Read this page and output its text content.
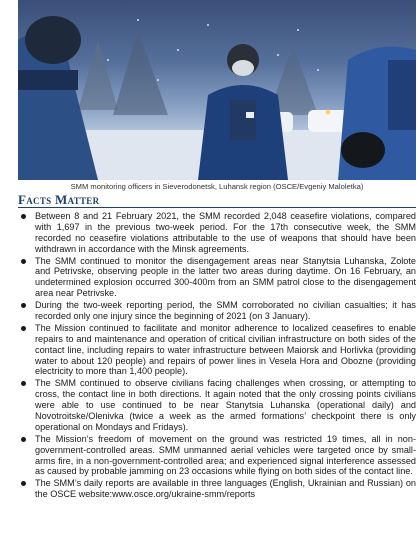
SMM monitoring officers in Sieverodonetsk, Luhansk region (OSCE/Evgeniy Maloletka)
Facts Matter
Between 8 and 21 February 2021, the SMM recorded 2,048 ceasefire violations, compared with 1,697 in the previous two-week period. For the 17th consecutive week, the SMM recorded no ceasefire violations attributable to the use of weapons that should have been withdrawn in accordance with the Minsk agreements.
The SMM continued to monitor the disengagement areas near Stanytsia Luhanska, Zolote and Petrivske, observing people in the latter two areas during daytime. On 16 February, an undetermined explosion occurred 300-400m from an SMM patrol close to the disengagement area near Petrivske.
During the two-week reporting period, the SMM corroborated no civilian casualties; it has recorded only one injury since the beginning of 2021 (on 3 January).
The Mission continued to facilitate and monitor adherence to localized ceasefires to enable repairs to and maintenance and operation of critical civilian infrastructure on both sides of the contact line, including repairs to water infrastructure between Maiorsk and Horlivka (providing water to about 120 people) and repairs of power lines in Vesela Hora and Obozne (providing electricity to more than 1,400 people).
The SMM continued to observe civilians facing challenges when crossing, or attempting to cross, the contact line in both directions. It again noted that the only crossing points civilians were able to use continued to be near Stanytsia Luhanska (operational daily) and Novotroitske/Olenivka (twice a week as the armed formations’ checkpoint there is only operational on Mondays and Fridays).
The Mission’s freedom of movement on the ground was restricted 19 times, all in non-government-controlled areas. SMM unmanned aerial vehicles were targeted once by small-arms fire, in a non-government-controlled area; and experienced signal interference assessed as caused by probable jamming on 23 occasions while flying on both sides of the contact line.
The SMM’s daily reports are available in three languages (English, Ukrainian and Russian) on the OSCE website:www.osce.org/ukraine-smm/reports
